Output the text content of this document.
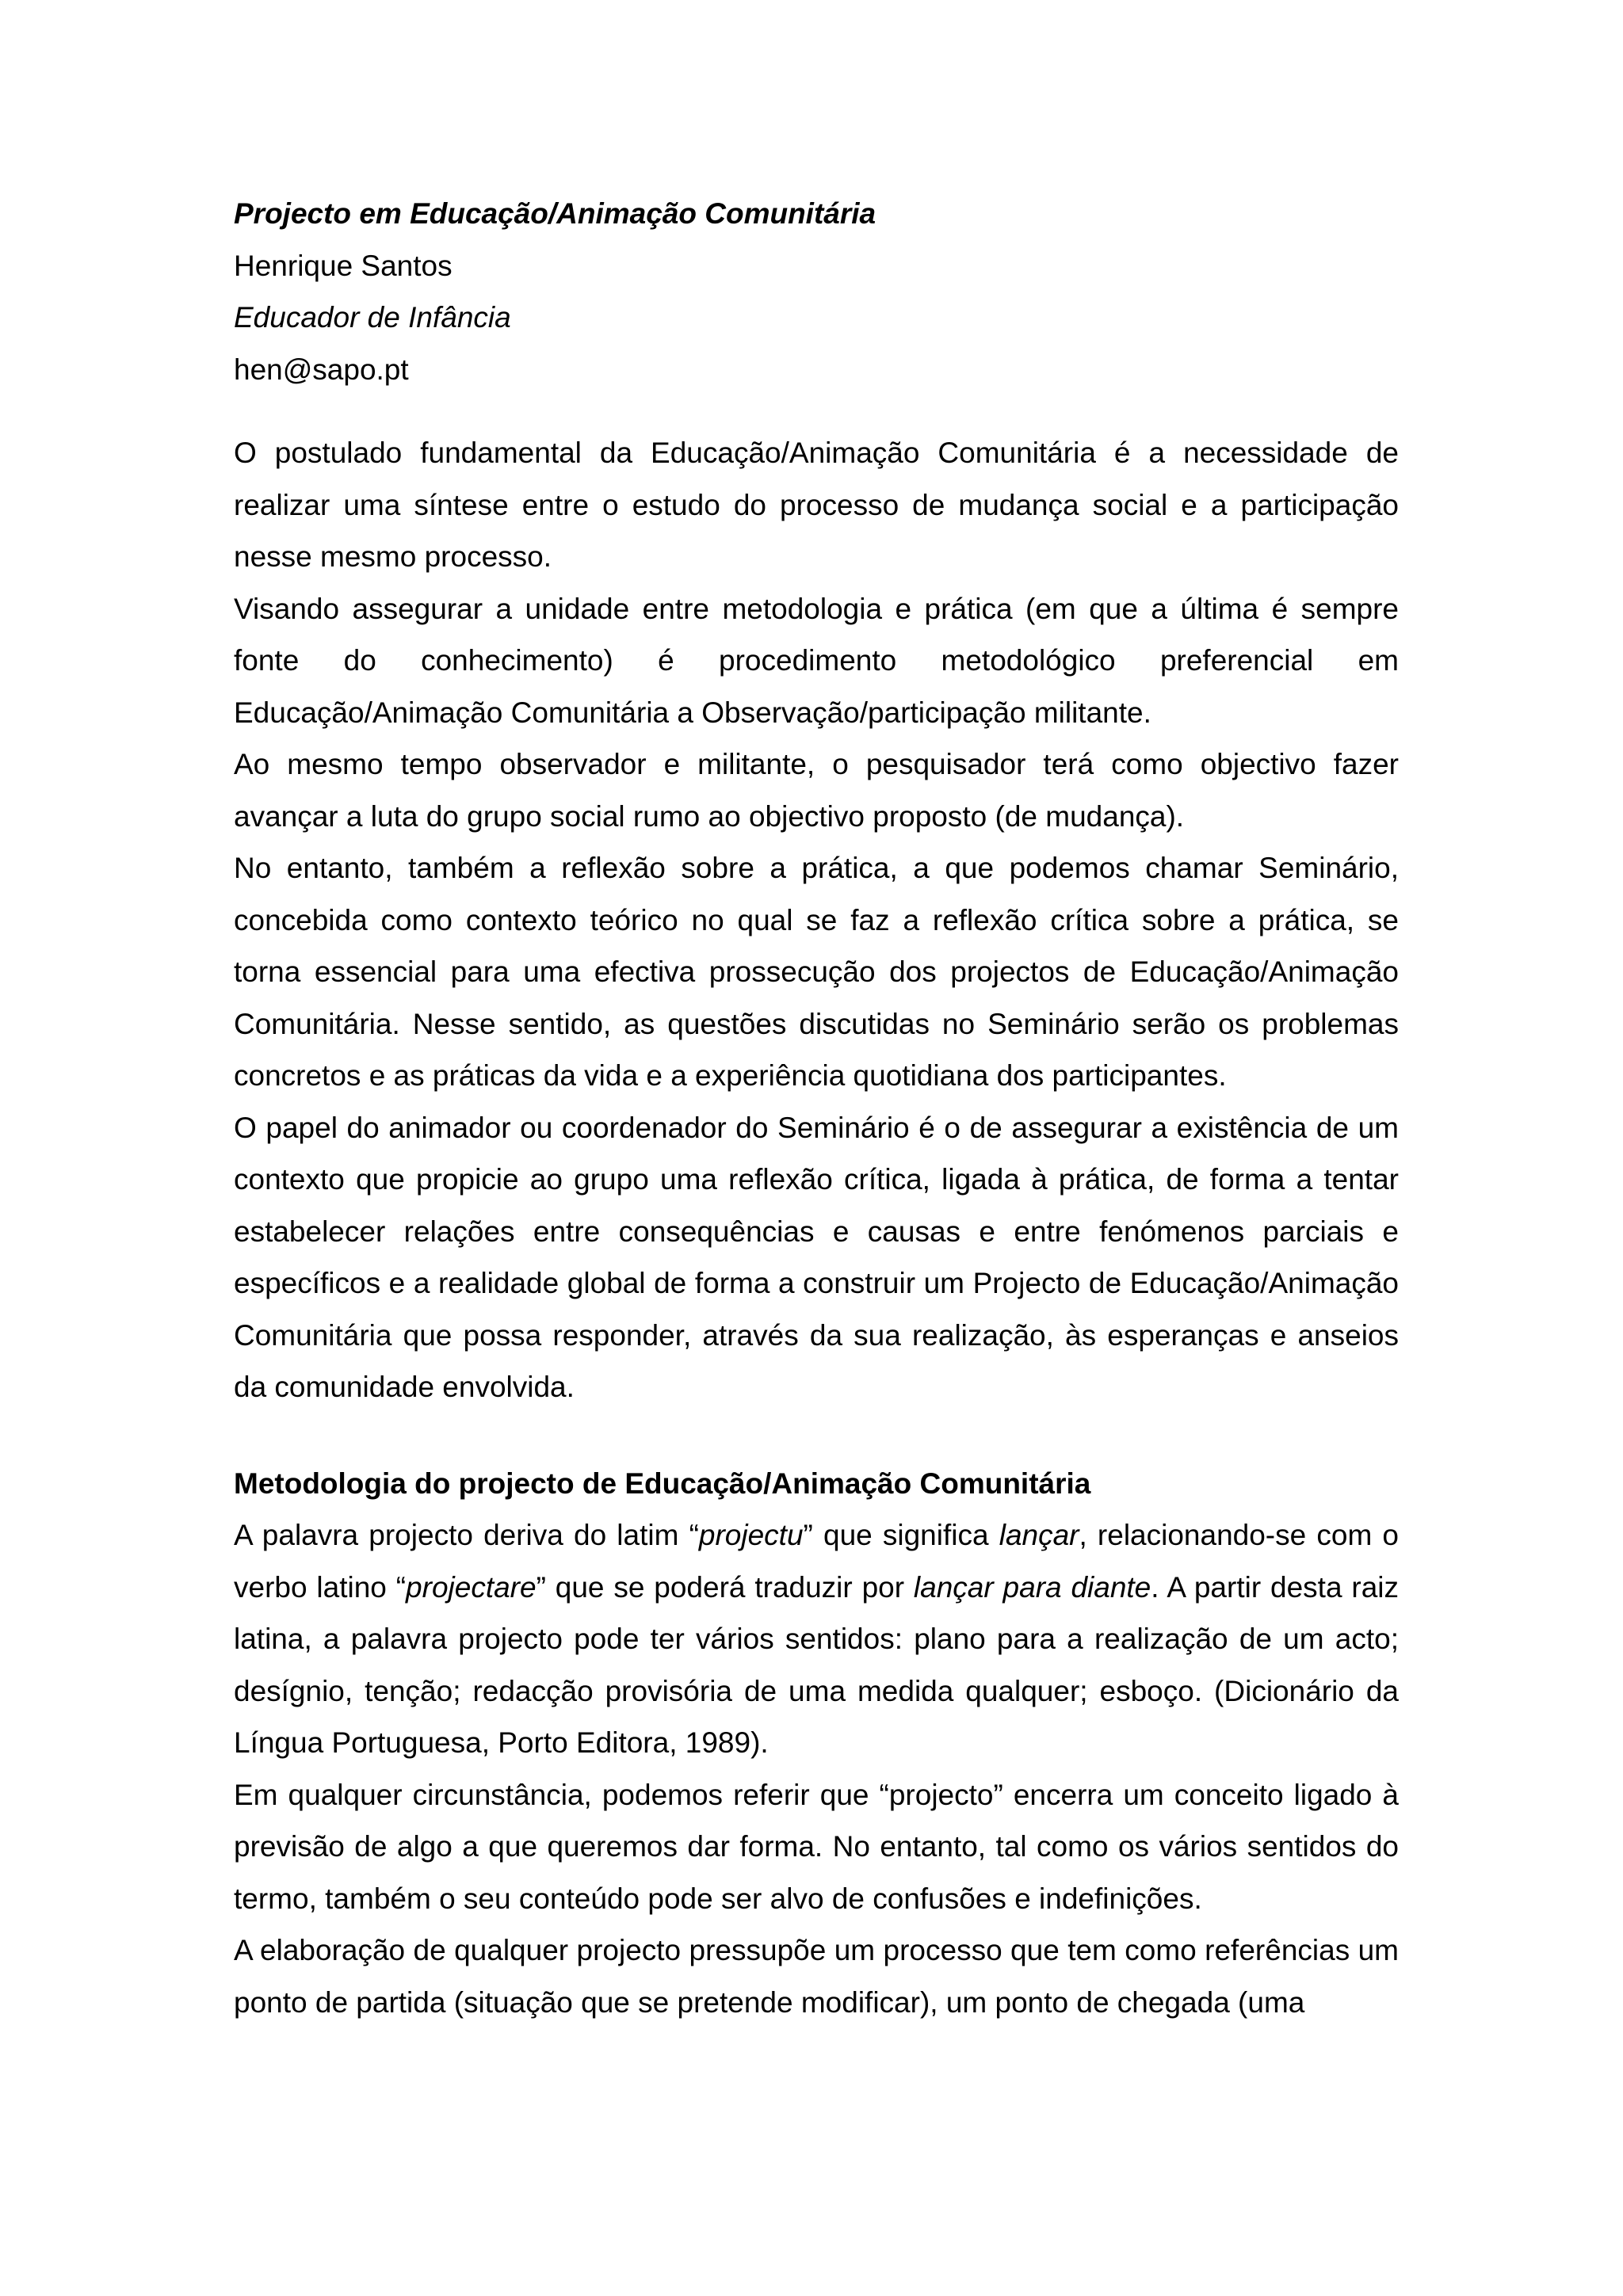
Projecto em Educação/Animação Comunitária
Henrique Santos
Educador de Infância
hen@sapo.pt

O postulado fundamental da Educação/Animação Comunitária é a necessidade de realizar uma síntese entre o estudo do processo de mudança social e a participação nesse mesmo processo.

Visando assegurar a unidade entre metodologia e prática (em que a última é sempre fonte do conhecimento) é procedimento metodológico preferencial em Educação/Animação Comunitária a Observação/participação militante.

Ao mesmo tempo observador e militante, o pesquisador terá como objectivo fazer avançar a luta do grupo social rumo ao objectivo proposto (de mudança).

No entanto, também a reflexão sobre a prática, a que podemos chamar Seminário, concebida como contexto teórico no qual se faz a reflexão crítica sobre a prática, se torna essencial para uma efectiva prossecução dos projectos de Educação/Animação Comunitária. Nesse sentido, as questões discutidas no Seminário serão os problemas concretos e as práticas da vida e a experiência quotidiana dos participantes.

O papel do animador ou coordenador do Seminário é o de assegurar a existência de um contexto que propicie ao grupo uma reflexão crítica, ligada à prática, de forma a tentar estabelecer relações entre consequências e causas e entre fenómenos parciais e específicos e a realidade global de forma a construir um Projecto de Educação/Animação Comunitária que possa responder, através da sua realização, às esperanças e anseios da comunidade envolvida.

Metodologia do projecto de Educação/Animação Comunitária

A palavra projecto deriva do latim “projectu” que significa lançar, relacionando-se com o verbo latino “projectare” que se poderá traduzir por lançar para diante. A partir desta raiz latina, a palavra projecto pode ter vários sentidos: plano para a realização de um acto; desígnio, tenção; redacção provisória de uma medida qualquer; esboço. (Dicionário da Língua Portuguesa, Porto Editora, 1989).

Em qualquer circunstância, podemos referir que “projecto” encerra um conceito ligado à previsão de algo a que queremos dar forma. No entanto, tal como os vários sentidos do termo, também o seu conteúdo pode ser alvo de confusões e indefinições.

A elaboração de qualquer projecto pressupõe um processo que tem como referências um ponto de partida (situação que se pretende modificar), um ponto de chegada (uma
